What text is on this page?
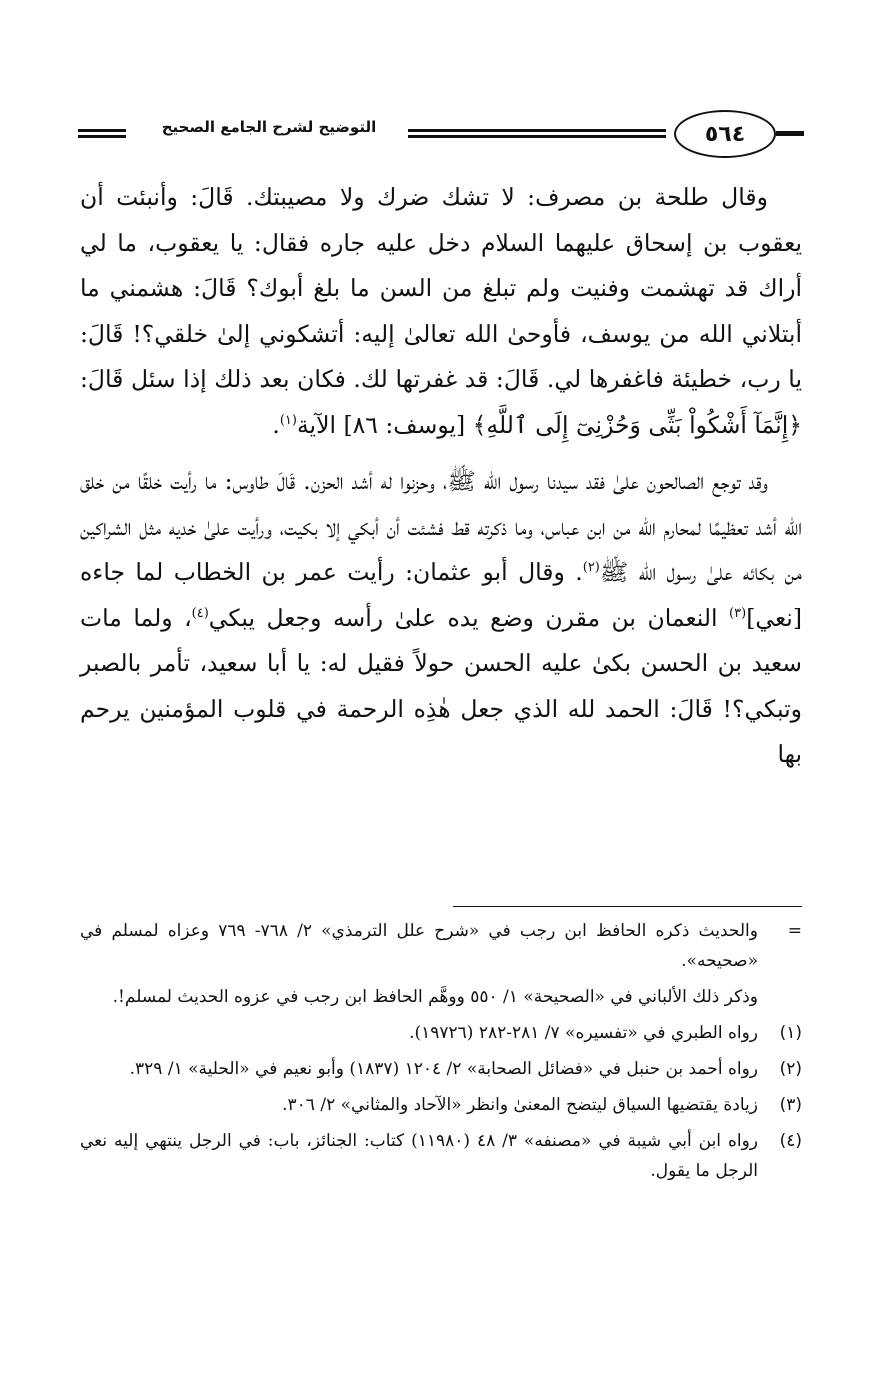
التوضيح لشرح الجامع الصحيح	٥٦٤

وقال طلحة بن مصرف: لا تشك ضرك ولا مصيبتك. قَالَ: وأنبئت أن يعقوب بن إسحاق عليهما السلام دخل عليه جاره فقال: يا يعقوب، ما لي أراك قد تهشمت وفنيت ولم تبلغ من السن ما بلغ أبوك؟ قَالَ: هشمني ما أبتلاني الله من يوسف، فأوحىٰ الله تعالىٰ إليه: أتشكوني إلىٰ خلقي؟! قَالَ: يا رب، خطيئة فاغفرها لي. قَالَ: قد غفرتها لك. فكان بعد ذلك إذا سئل قَالَ: ﴿إِنَّمَآ أَشْكُواْ بَثِّى وَحُزْنِىٓ إِلَى ٱللَّهِ﴾ [يوسف: ٨٦] الآية$^{(١)}$.

وقد توجع الصالحون علىٰ فقد سيدنا رسول الله ﷺ، وحزنوا له أشد الحزن. قَالَ طاوس: ما رأيت خلقًا من خلق الله أشد تعظيمًا لمحارم الله من ابن عباس، وما ذكرته قط فشئت أن أبكي إلا بكيت، ورأيت علىٰ خديه مثل الشراكين من بكائه علىٰ رسول الله ﷺ$^{(٢)}$. وقال أبو عثمان: رأيت عمر بن الخطاب لما جاءه [نعي]$^{(٣)}$ النعمان بن مقرن وضع يده علىٰ رأسه وجعل يبكي$^{(٤)}$، ولما مات سعيد بن الحسن بكىٰ عليه الحسن حولاً فقيل له: يا أبا سعيد، تأمر بالصبر وتبكي؟! قَالَ: الحمد لله الذي جعل هٰذِه الرحمة في قلوب المؤمنين يرحم بها

=
والحديث ذكره الحافظ ابن رجب في «شرح علل الترمذي» ٢/ ٧٦٨- ٧٦٩ وعزاه لمسلم في «صحيحه».
وذكر ذلك الألباني في «الصحيحة» ١/ ٥٥٠ ووهَّم الحافظ ابن رجب في عزوه الحديث لمسلم!.
(١)
رواه الطبري في «تفسيره» ٧/ ٢٨١-٢٨٢ (١٩٧٢٦).
(٢)
رواه أحمد بن حنبل في «فضائل الصحابة» ٢/ ١٢٠٤ (١٨٣٧) وأبو نعيم في «الحلية» ١/ ٣٢٩.
(٣)
زيادة يقتضيها السياق ليتضح المعنىٰ وانظر «الآحاد والمثاني» ٢/ ٣٠٦.
(٤)
رواه ابن أبي شيبة في «مصنفه» ٣/ ٤٨ (١١٩٨٠) كتاب: الجنائز، باب: في الرجل ينتهي إليه نعي الرجل ما يقول.
